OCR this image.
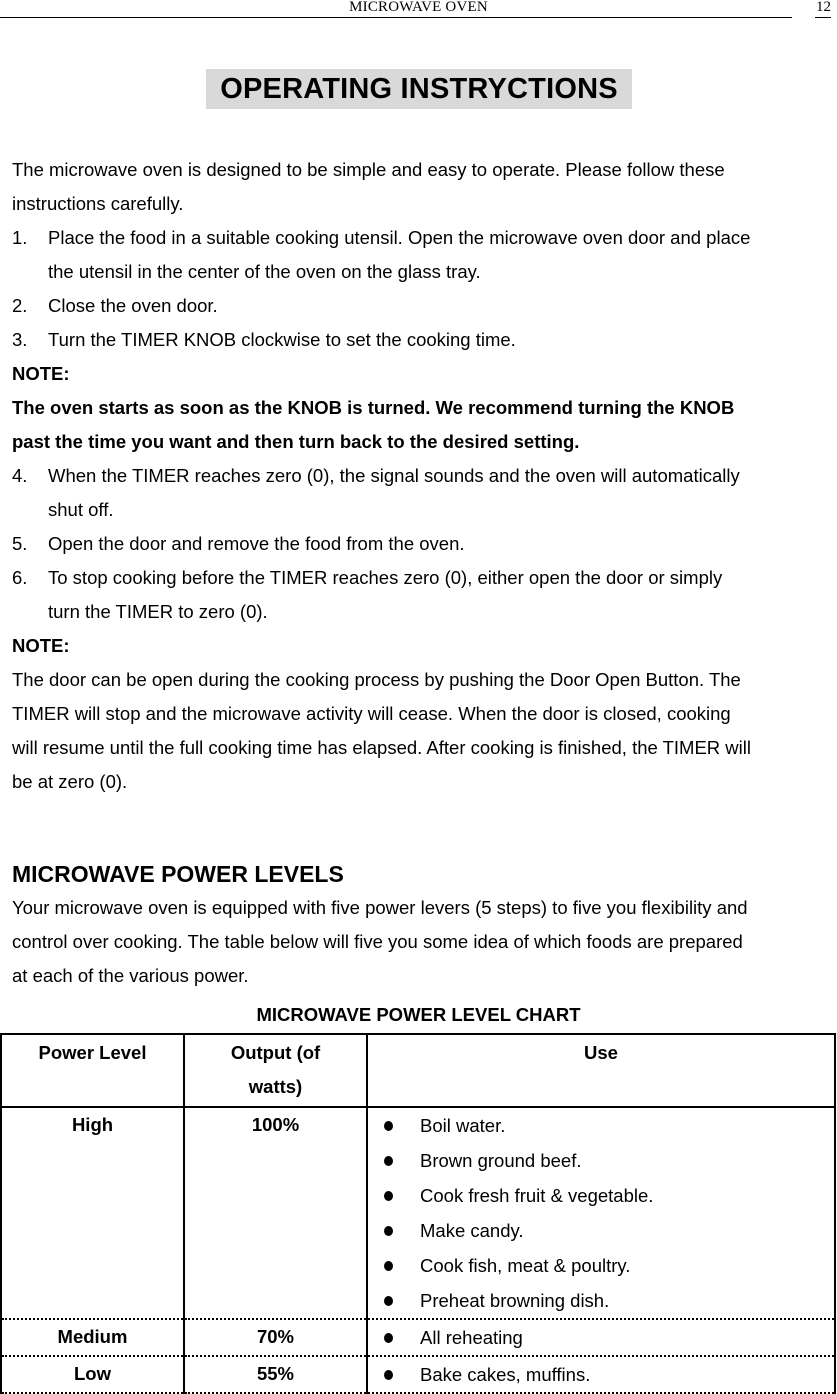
MICROWAVE OVEN	12
OPERATING INSTRYCTIONS

The microwave oven is designed to be simple and easy to operate. Please follow these

instructions carefully.

1. Place the food in a suitable cooking utensil. Open the microwave oven door and place
the utensil in the center of the oven on the glass tray.
2. Close the oven door.
3. Turn the TIMER KNOB clockwise to set the cooking time.

NOTE:

The oven starts as soon as the KNOB is turned. We recommend turning the KNOB

past the time you want and then turn back to the desired setting.

4. When the TIMER reaches zero (0), the signal sounds and the oven will automatically
shut off.
5. Open the door and remove the food from the oven.
6. To stop cooking before the TIMER reaches zero (0), either open the door or simply
turn the TIMER to zero (0).

NOTE:

The door can be open during the cooking process by pushing the Door Open Button. The

TIMER will stop and the microwave activity will cease. When the door is closed, cooking

will resume until the full cooking time has elapsed. After cooking is finished, the TIMER will

be at zero (0).

MICROWAVE POWER LEVELS

Your microwave oven is equipped with five power levers (5 steps) to five you flexibility and

control over cooking. The table below will five you some idea of which foods are prepared

at each of the various power.

MICROWAVE POWER LEVEL CHART
Power Level	Output (of
watts)	Use

High	100%	Boil water.
Brown ground beef.
Cook fresh fruit & vegetable.
Make candy.
Cook fish, meat & poultry.
Preheat browning dish.

Medium	70%	All reheating

Low	55%	Bake cakes, muffins.
